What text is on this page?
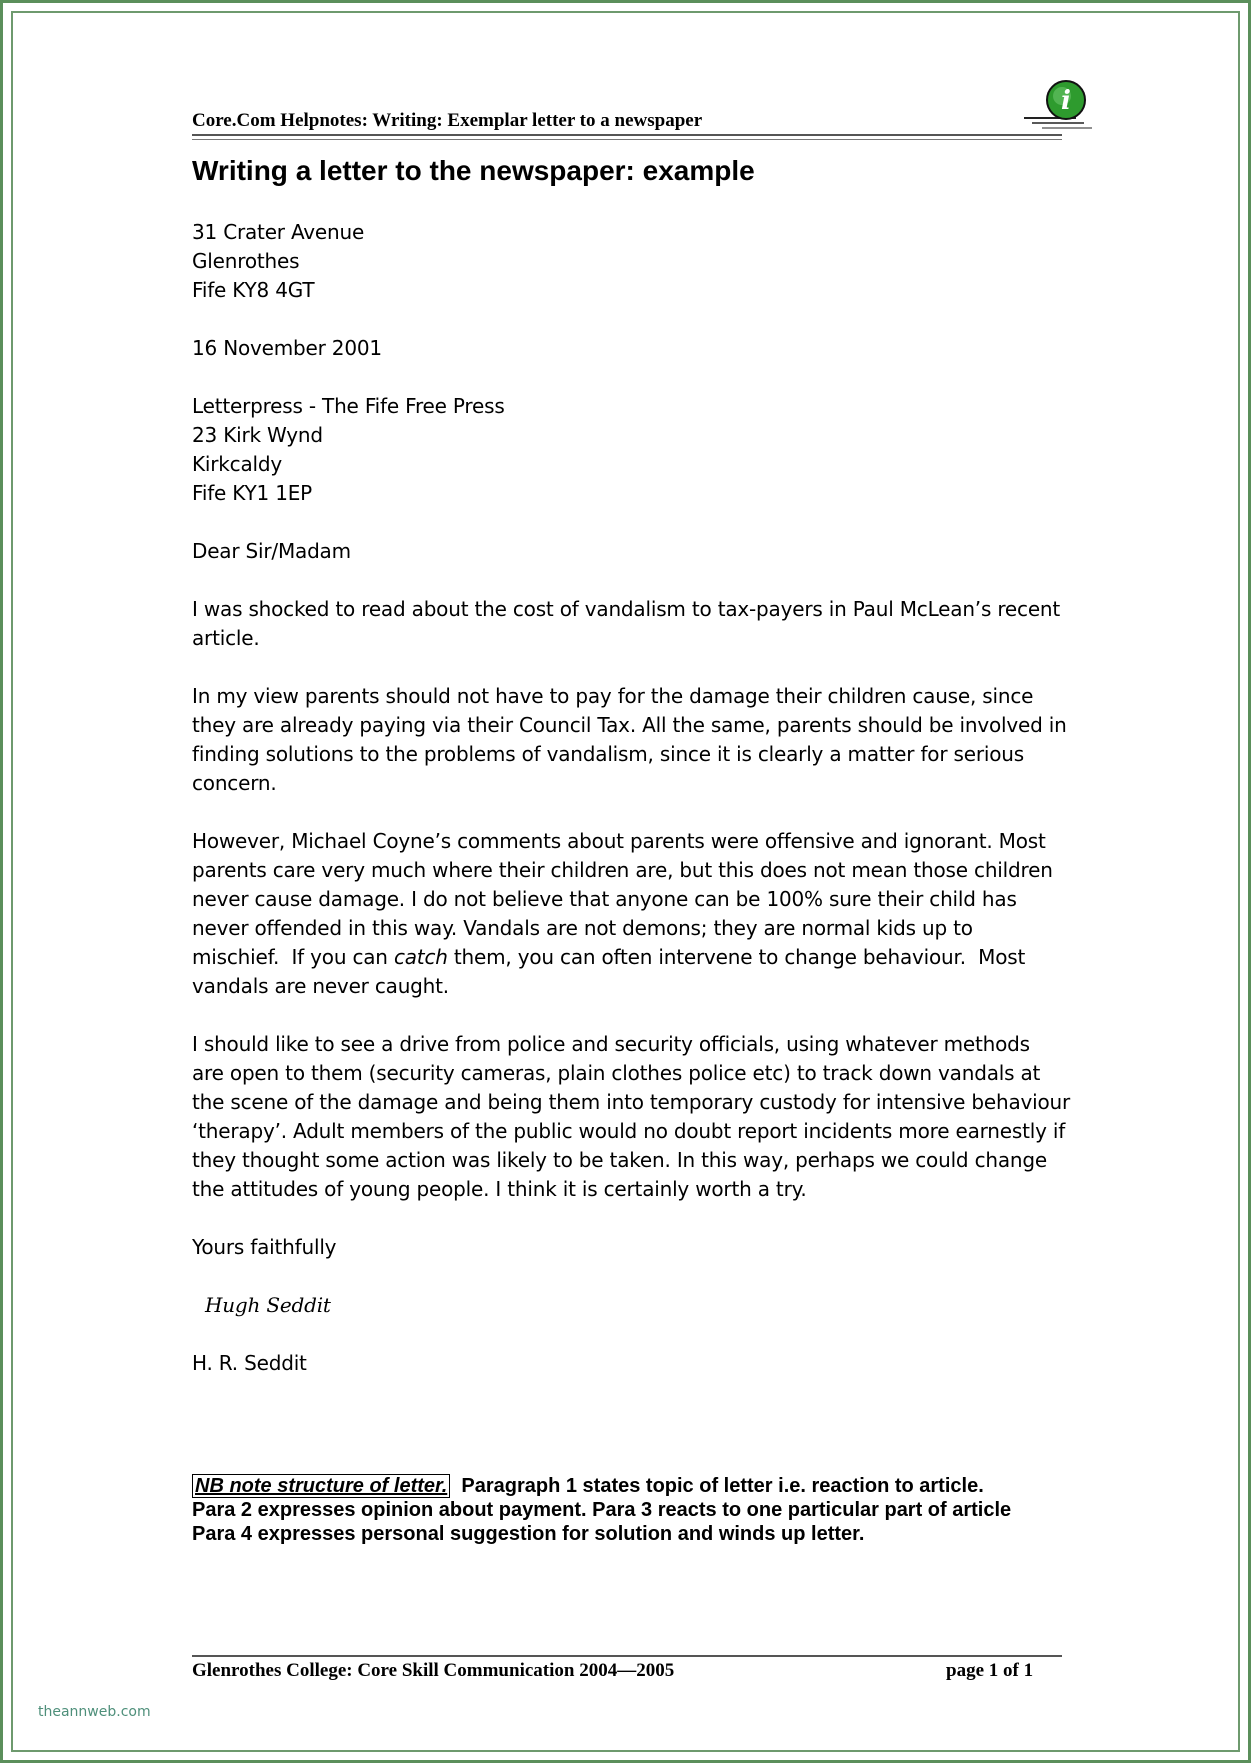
Core.Com Helpnotes: Writing: Exemplar letter to a newspaper
i
Writing a letter to the newspaper: example

31 Crater Avenue
Glenrothes
Fife KY8 4GT

16 November 2001

Letterpress - The Fife Free Press
23 Kirk Wynd
Kirkcaldy
Fife KY1 1EP

Dear Sir/Madam

I was shocked to read about the cost of vandalism to tax-payers in Paul McLean’s recent
article.

In my view parents should not have to pay for the damage their children cause, since
they are already paying via their Council Tax. All the same, parents should be involved in
finding solutions to the problems of vandalism, since it is clearly a matter for serious
concern.

However, Michael Coyne’s comments about parents were offensive and ignorant. Most
parents care very much where their children are, but this does not mean those children
never cause damage. I do not believe that anyone can be 100% sure their child has
never offended in this way. Vandals are not demons; they are normal kids up to
mischief.  If you can catch them, you can often intervene to change behaviour.  Most
vandals are never caught.

I should like to see a drive from police and security officials, using whatever methods
are open to them (security cameras, plain clothes police etc) to track down vandals at
the scene of the damage and being them into temporary custody for intensive behaviour
‘therapy’. Adult members of the public would no doubt report incidents more earnestly if
they thought some action was likely to be taken. In this way, perhaps we could change
the attitudes of young people. I think it is certainly worth a try.

Yours faithfully

Hugh Seddit

H. R. Seddit

NB note structure of letter.  Paragraph 1 states topic of letter i.e. reaction to article.
Para 2 expresses opinion about payment. Para 3 reacts to one particular part of article
Para 4 expresses personal suggestion for solution and winds up letter.
Glenrothes College: Core Skill Communication 2004—2005	page 1 of 1
theannweb.com
